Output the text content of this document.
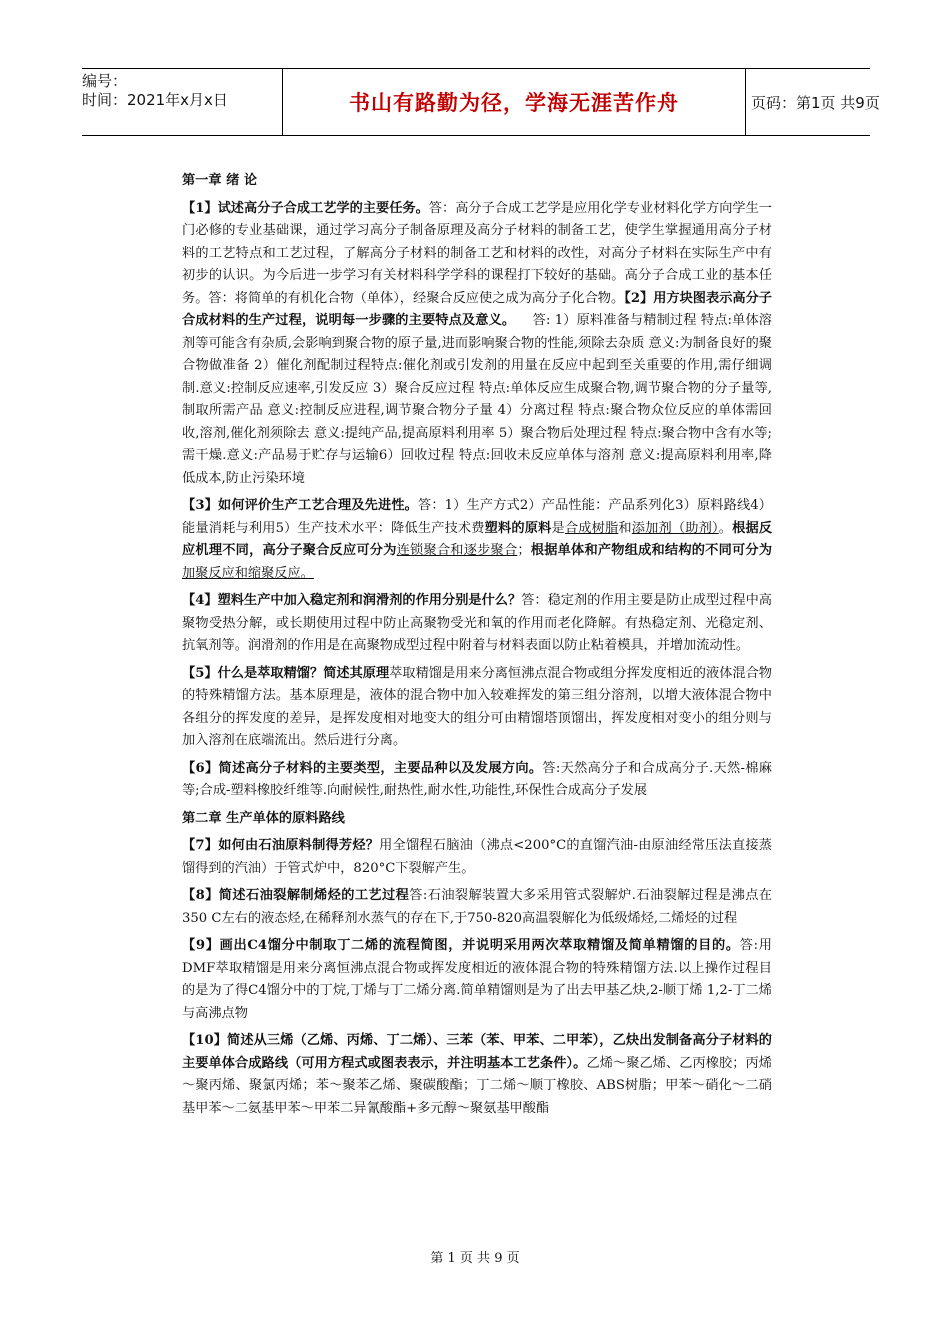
编号：
时间：2021年x月x日	书山有路勤为径，学海无涯苦作舟	页码：第1页 共9页

第一章 绪 论

【1】试述高分子合成工艺学的主要任务。答：高分子合成工艺学是应用化学专业材料化学方向学生一门必修的专业基础课，通过学习高分子制备原理及高分子材料的制备工艺，使学生掌握通用高分子材料的工艺特点和工艺过程，了解高分子材料的制备工艺和材料的改性，对高分子材料在实际生产中有初步的认识。为今后进一步学习有关材料科学学科的课程打下较好的基础。高分子合成工业的基本任务。答：将简单的有机化合物（单体），经聚合反应使之成为高分子化合物。【2】用方块图表示高分子合成材料的生产过程，说明每一步骤的主要特点及意义。 答: 1）原料准备与精制过程 特点:单体溶剂等可能含有杂质,会影响到聚合物的原子量,进而影响聚合物的性能,须除去杂质 意义:为制备良好的聚合物做准备 2）催化剂配制过程特点:催化剂或引发剂的用量在反应中起到至关重要的作用,需仔细调制.意义:控制反应速率,引发反应 3）聚合反应过程 特点:单体反应生成聚合物,调节聚合物的分子量等,制取所需产品 意义:控制反应进程,调节聚合物分子量 4）分离过程 特点:聚合物众位反应的单体需回收,溶剂,催化剂须除去 意义:提纯产品,提高原料利用率 5）聚合物后处理过程 特点:聚合物中含有水等;需干燥.意义:产品易于贮存与运输6）回收过程 特点:回收未反应单体与溶剂 意义:提高原料利用率,降低成本,防止污染环境

【3】如何评价生产工艺合理及先进性。答：1）生产方式2）产品性能：产品系列化3）原料路线4）能量消耗与利用5）生产技术水平：降低生产技术费塑料的原料是合成树脂和添加剂（助剂）。根据反应机理不同，高分子聚合反应可分为连锁聚合和逐步聚合；根据单体和产物组成和结构的不同可分为加聚反应和缩聚反应。

【4】塑料生产中加入稳定剂和润滑剂的作用分别是什么？答：稳定剂的作用主要是防止成型过程中高聚物受热分解，或长期使用过程中防止高聚物受光和氧的作用而老化降解。有热稳定剂、光稳定剂、抗氧剂等。润滑剂的作用是在高聚物成型过程中附着与材料表面以防止粘着模具，并增加流动性。

【5】什么是萃取精馏？简述其原理萃取精馏是用来分离恒沸点混合物或组分挥发度相近的液体混合物的特殊精馏方法。基本原理是，液体的混合物中加入较难挥发的第三组分溶剂，以增大液体混合物中各组分的挥发度的差异，是挥发度相对地变大的组分可由精馏塔顶馏出，挥发度相对变小的组分则与加入溶剂在底端流出。然后进行分离。

【6】简述高分子材料的主要类型，主要品种以及发展方向。答:天然高分子和合成高分子.天然-棉麻等;合成-塑料橡胶纤维等.向耐候性,耐热性,耐水性,功能性,环保性合成高分子发展

第二章 生产单体的原料路线

【7】如何由石油原料制得芳烃？用全馏程石脑油（沸点<200°C的直馏汽油-由原油经常压法直接蒸馏得到的汽油）于管式炉中，820°C下裂解产生。

【8】简述石油裂解制烯烃的工艺过程答:石油裂解装置大多采用管式裂解炉.石油裂解过程是沸点在350 C左右的液态烃,在稀释剂水蒸气的存在下,于750-820高温裂解化为低级烯烃,二烯烃的过程

【9】画出C4馏分中制取丁二烯的流程简图，并说明采用两次萃取精馏及简单精馏的目的。答:用DMF萃取精馏是用来分离恒沸点混合物或挥发度相近的液体混合物的特殊精馏方法.以上操作过程目的是为了得C4馏分中的丁烷,丁烯与丁二烯分离.简单精馏则是为了出去甲基乙炔,2-顺丁烯 1,2-丁二烯与高沸点物

【10】简述从三烯（乙烯、丙烯、丁二烯）、三苯（苯、甲苯、二甲苯），乙炔出发制备高分子材料的主要单体合成路线（可用方程式或图表表示，并注明基本工艺条件）。乙烯～聚乙烯、乙丙橡胶；丙烯～聚丙烯、聚氯丙烯；苯～聚苯乙烯、聚碳酸酯；丁二烯～顺丁橡胶、ABS树脂；甲苯～硝化～二硝基甲苯～二氨基甲苯～甲苯二异氰酸酯+多元醇～聚氨基甲酸酯

第 1 页 共 9 页
